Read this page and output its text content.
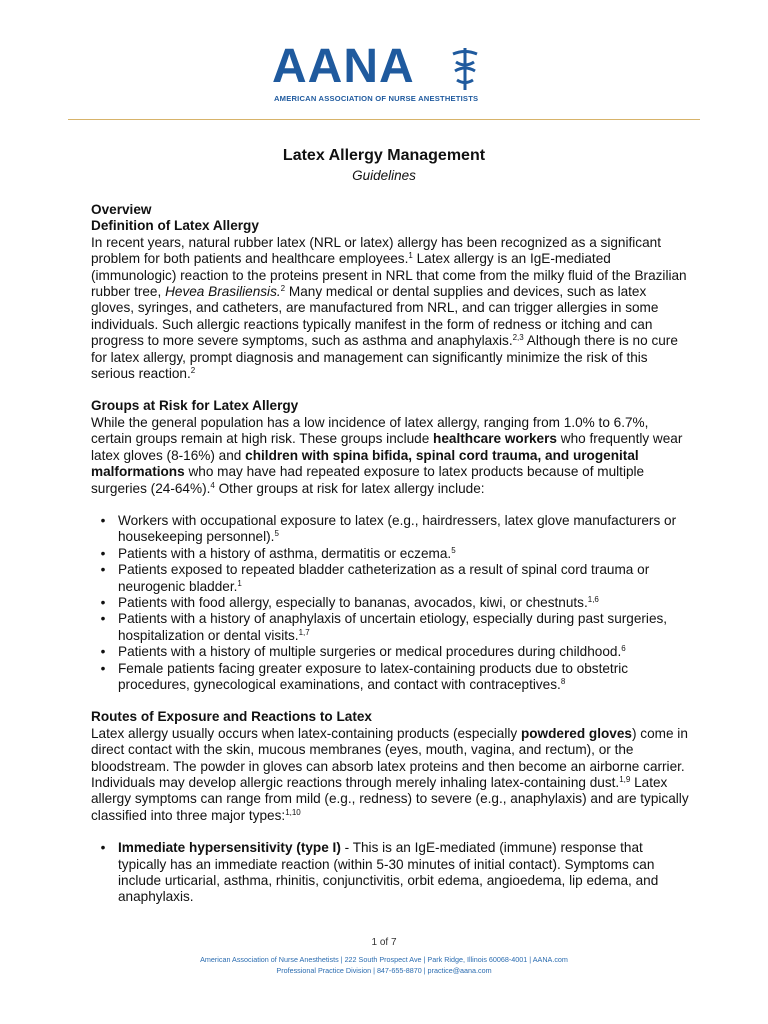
AANA
AMERICAN ASSOCIATION OF NURSE ANESTHETISTS
Latex Allergy Management
Guidelines
Overview
Definition of Latex Allergy

In recent years, natural rubber latex (NRL or latex) allergy has been recognized as a significant problem for both patients and healthcare employees.$^1$ Latex allergy is an IgE-mediated (immunologic) reaction to the proteins present in NRL that come from the milky fluid of the Brazilian rubber tree, Hevea Brasiliensis.$^2$ Many medical or dental supplies and devices, such as latex gloves, syringes, and catheters, are manufactured from NRL, and can trigger allergies in some individuals. Such allergic reactions typically manifest in the form of redness or itching and can progress to more severe symptoms, such as asthma and anaphylaxis.$^{2,3}$ Although there is no cure for latex allergy, prompt diagnosis and management can significantly minimize the risk of this serious reaction.$^2$

Groups at Risk for Latex Allergy

While the general population has a low incidence of latex allergy, ranging from 1.0% to 6.7%, certain groups remain at high risk. These groups include healthcare workers who frequently wear latex gloves (8-16%) and children with spina bifida, spinal cord trauma, and urogenital malformations who may have had repeated exposure to latex products because of multiple surgeries (24-64%).$^4$ Other groups at risk for latex allergy include:

• Workers with occupational exposure to latex (e.g., hairdressers, latex glove manufacturers or housekeeping personnel).$^5$
• Patients with a history of asthma, dermatitis or eczema.$^5$
• Patients exposed to repeated bladder catheterization as a result of spinal cord trauma or neurogenic bladder.$^1$
• Patients with food allergy, especially to bananas, avocados, kiwi, or chestnuts.$^{1,6}$
• Patients with a history of anaphylaxis of uncertain etiology, especially during past surgeries, hospitalization or dental visits.$^{1,7}$
• Patients with a history of multiple surgeries or medical procedures during childhood.$^6$
• Female patients facing greater exposure to latex-containing products due to obstetric procedures, gynecological examinations, and contact with contraceptives.$^8$
Routes of Exposure and Reactions to Latex

Latex allergy usually occurs when latex-containing products (especially powdered gloves) come in direct contact with the skin, mucous membranes (eyes, mouth, vagina, and rectum), or the bloodstream. The powder in gloves can absorb latex proteins and then become an airborne carrier. Individuals may develop allergic reactions through merely inhaling latex-containing dust.$^{1,9}$ Latex allergy symptoms can range from mild (e.g., redness) to severe (e.g., anaphylaxis) and are typically classified into three major types:$^{1,10}$

• Immediate hypersensitivity (type I) - This is an IgE-mediated (immune) response that typically has an immediate reaction (within 5-30 minutes of initial contact). Symptoms can include urticarial, asthma, rhinitis, conjunctivitis, orbit edema, angioedema, lip edema, and anaphylaxis.
1 of 7
American Association of Nurse Anesthetists | 222 South Prospect Ave | Park Ridge, Illinois 60068-4001 | AANA.com
Professional Practice Division | 847-655-8870 | practice@aana.com
